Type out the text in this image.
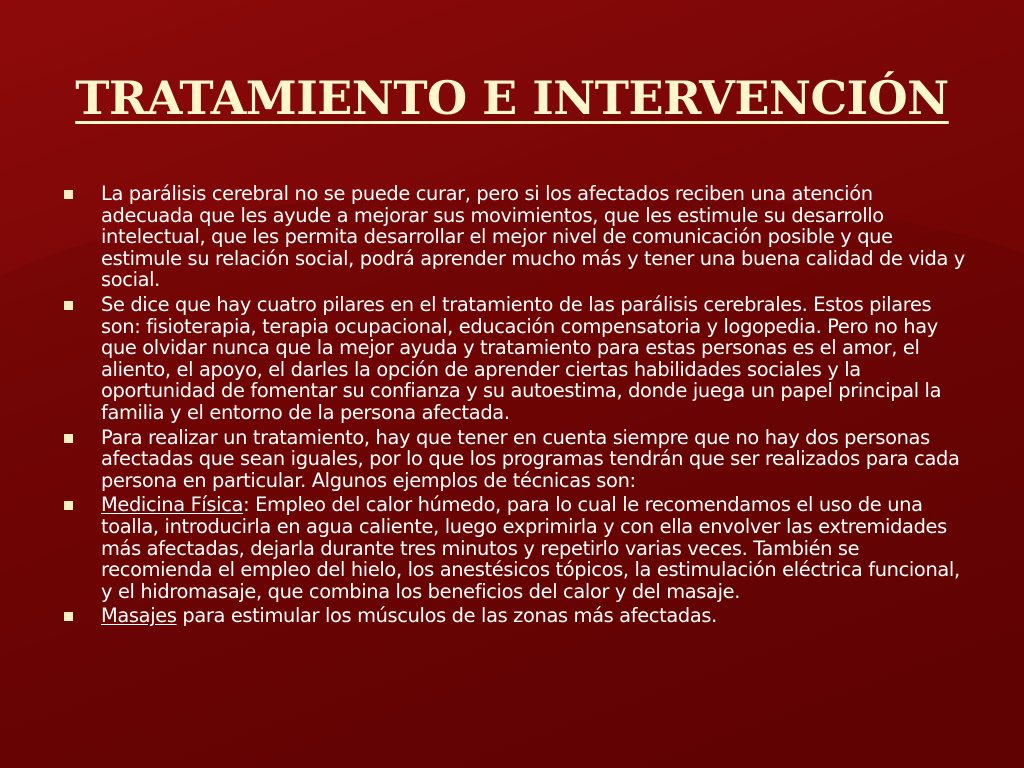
TRATAMIENTO E INTERVENCIÓN
La parálisis cerebral no se puede curar, pero si los afectados reciben una atención adecuada que les ayude a mejorar sus movimientos, que les estimule su desarrollo intelectual, que les permita desarrollar el mejor nivel de comunicación posible y que estimule su relación social, podrá aprender mucho más y tener una buena calidad de vida y social.
Se dice que hay cuatro pilares en el tratamiento de las parálisis cerebrales. Estos pilares son: fisioterapia, terapia ocupacional, educación compensatoria y logopedia. Pero no hay que olvidar nunca que la mejor ayuda y tratamiento para estas personas es el amor, el aliento, el apoyo, el darles la opción de aprender ciertas habilidades sociales y la oportunidad de fomentar su confianza y su autoestima, donde juega un papel principal la familia y el entorno de la persona afectada.
Para realizar un tratamiento, hay que tener en cuenta siempre que no hay dos personas afectadas que sean iguales, por lo que los programas tendrán que ser realizados para cada persona en particular. Algunos ejemplos de técnicas son:
Medicina Física: Empleo del calor húmedo, para lo cual le recomendamos el uso de una toalla, introducirla en agua caliente, luego exprimirla y con ella envolver las extremidades más afectadas, dejarla durante tres minutos y repetirlo varias veces. También se recomienda el empleo del hielo, los anestésicos tópicos, la estimulación eléctrica funcional, y el hidromasaje, que combina los beneficios del calor y del masaje.
Masajes para estimular los músculos de las zonas más afectadas.
